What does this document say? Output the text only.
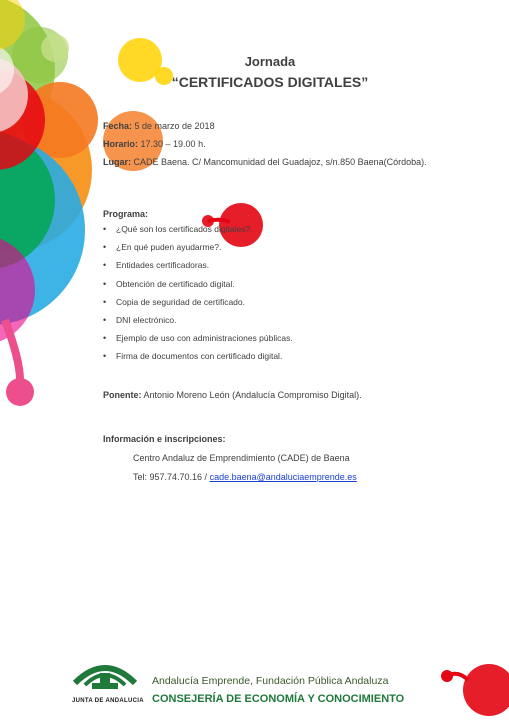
Jornada
“CERTIFICADOS DIGITALES”
Fecha: 5 de marzo de 2018
Horario: 17.30 – 19.00 h.
Lugar: CADE Baena. C/ Mancomunidad del Guadajoz, s/n.850 Baena(Córdoba).
Programa:
• ¿Qué son los certificados digitales?.
• ¿En qué puden ayudarme?.
• Entidades certificadoras.
• Obtención de certificado digital.
• Copia de seguridad de certificado.
• DNI electrónico.
• Ejemplo de uso con administraciones públicas.
• Firma de documentos con certificado digital.
Ponente: Antonio Moreno León (Andalucía Compromiso Digital).
Información e inscripciones:
Centro Andaluz de Emprendimiento (CADE) de Baena
Tel: 957.74.70.16 / cade.baena@andaluciaemprende.es
JUNTA DE ANDALUCIA
Andalucía Emprende, Fundación Pública Andaluza
CONSEJERÍA DE ECONOMÍA Y CONOCIMIENTO
